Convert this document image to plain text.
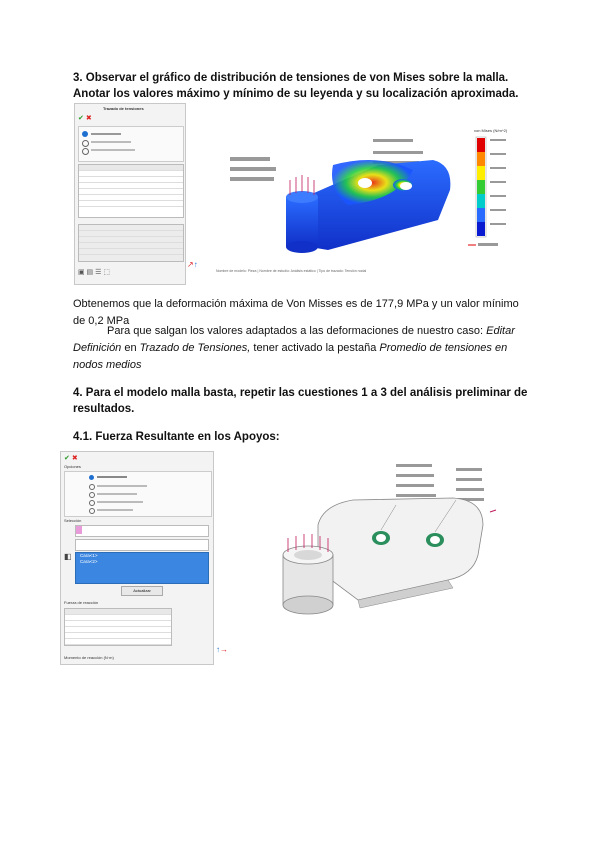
3. Observar el gráfico de distribución de tensiones de von Mises sobre la malla.
Anotar los valores máximo y mínimo de su leyenda y su localización aproximada.
Trazado de tensiones
✔ ✖
▣ ▤ ☰ ⬚
↗↑
von Mises (N/m^2)
Nombre de modelo: Pieza | Nombre de estudio: Análisis estático | Tipo de trazado: Tensión nodal
Obtenemos que la deformación máxima de Von Misses es de 177,9 MPa y un valor mínimo de 0,2 MPa
Para que salgan los valores adaptados a las deformaciones de nuestro caso: Editar Definición en Trazado de Tensiones, tener activado la pestaña Promedio de tensiones en nodos medios
4. Para el modelo malla basta, repetir las cuestiones 1 a 3 del análisis preliminar de
resultados.
4.1. Fuerza Resultante en los Apoyos:
✔ ✖
Opciones
Selección
Cara<1>
Cara<2>
◧
Actualizar
Fuerza de reacción
Momento de reacción (N·m)
↑→
